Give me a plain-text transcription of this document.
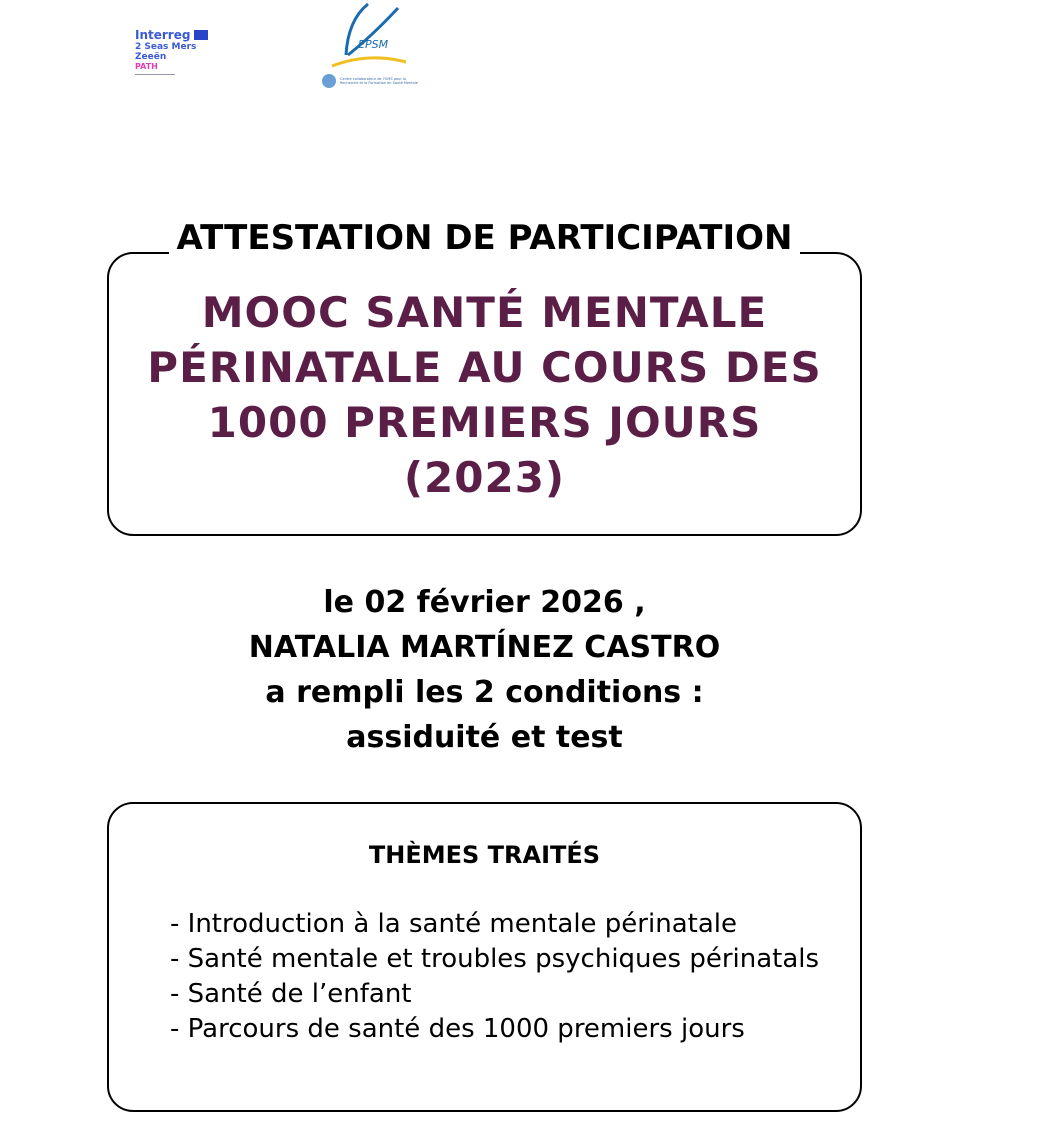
Interreg
2 Seas Mers Zeeën
PATH
EPSM
Centre collaborateur de l'OMS pour la Recherche et la Formation en Santé Mentale
ATTESTATION DE PARTICIPATION
MOOC SANTÉ MENTALE
PÉRINATALE AU COURS DES
1000 PREMIERS JOURS
(2023)
le 02 février 2026 ,
NATALIA MARTÍNEZ CASTRO
a rempli les 2 conditions :
assiduité et test
THÈMES TRAITÉS
- Introduction à la santé mentale périnatale
- Santé mentale et troubles psychiques périnatals
- Santé de l’enfant
- Parcours de santé des 1000 premiers jours
